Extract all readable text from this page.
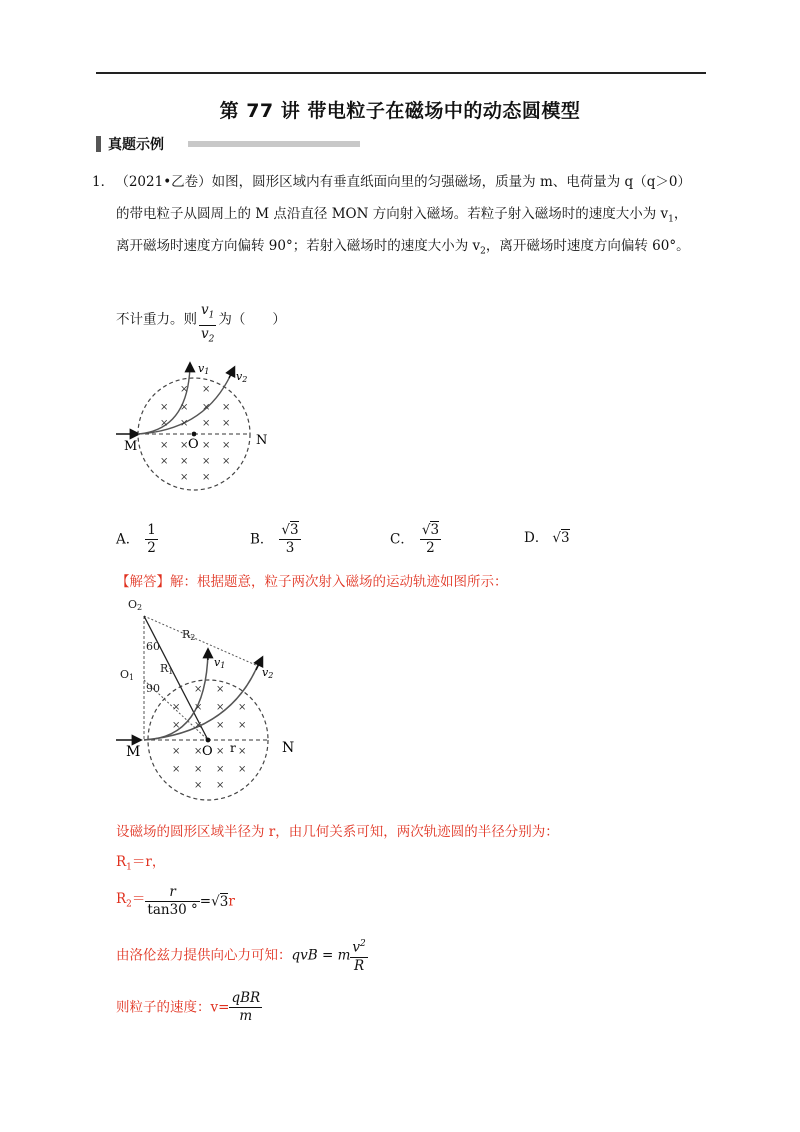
第 77 讲 带电粒子在磁场中的动态圆模型
真题示例
1． （2021•乙卷）如图，圆形区域内有垂直纸面向里的匀强磁场，质量为 m、电荷量为 q（q＞0）
的带电粒子从圆周上的 M 点沿直径 MON 方向射入磁场。若粒子射入磁场时的速度大小为 $v_1$，
离开磁场时速度方向偏转 90°；若射入磁场时的速度大小为 $v_2$，离开磁场时速度方向偏转 60°。
不计重力。则 $\frac{v_1}{v_2}$ 为（　　）
× ×
× × × ×
× × × ×
× × × ×
× × × ×
× ×
M	O	N
v1 v2
A． $\frac{1}{2}$	B． $\frac{√3}{3}$	C． $\frac{√3}{2}$	D． √3
【解答】解：根据题意，粒子两次射入磁场的运动轨迹如图所示：
× ×
× × × ×
× × × ×
× × × ×
× × × ×
× ×
O2
O1
R2
R1
60
90
M	O r	N
v1
v2
设磁场的圆形区域半径为 r，由几何关系可知，两次轨迹圆的半径分别为：
$R_1=r$，
$R_2= \frac{r}{\tan 30 ^\circ} =√3r$
由洛伦兹力提供向心力可知：qvB = m $\frac{v^2}{R}$
则粒子的速度：$v= \frac{\text{qBR}}{m}$
